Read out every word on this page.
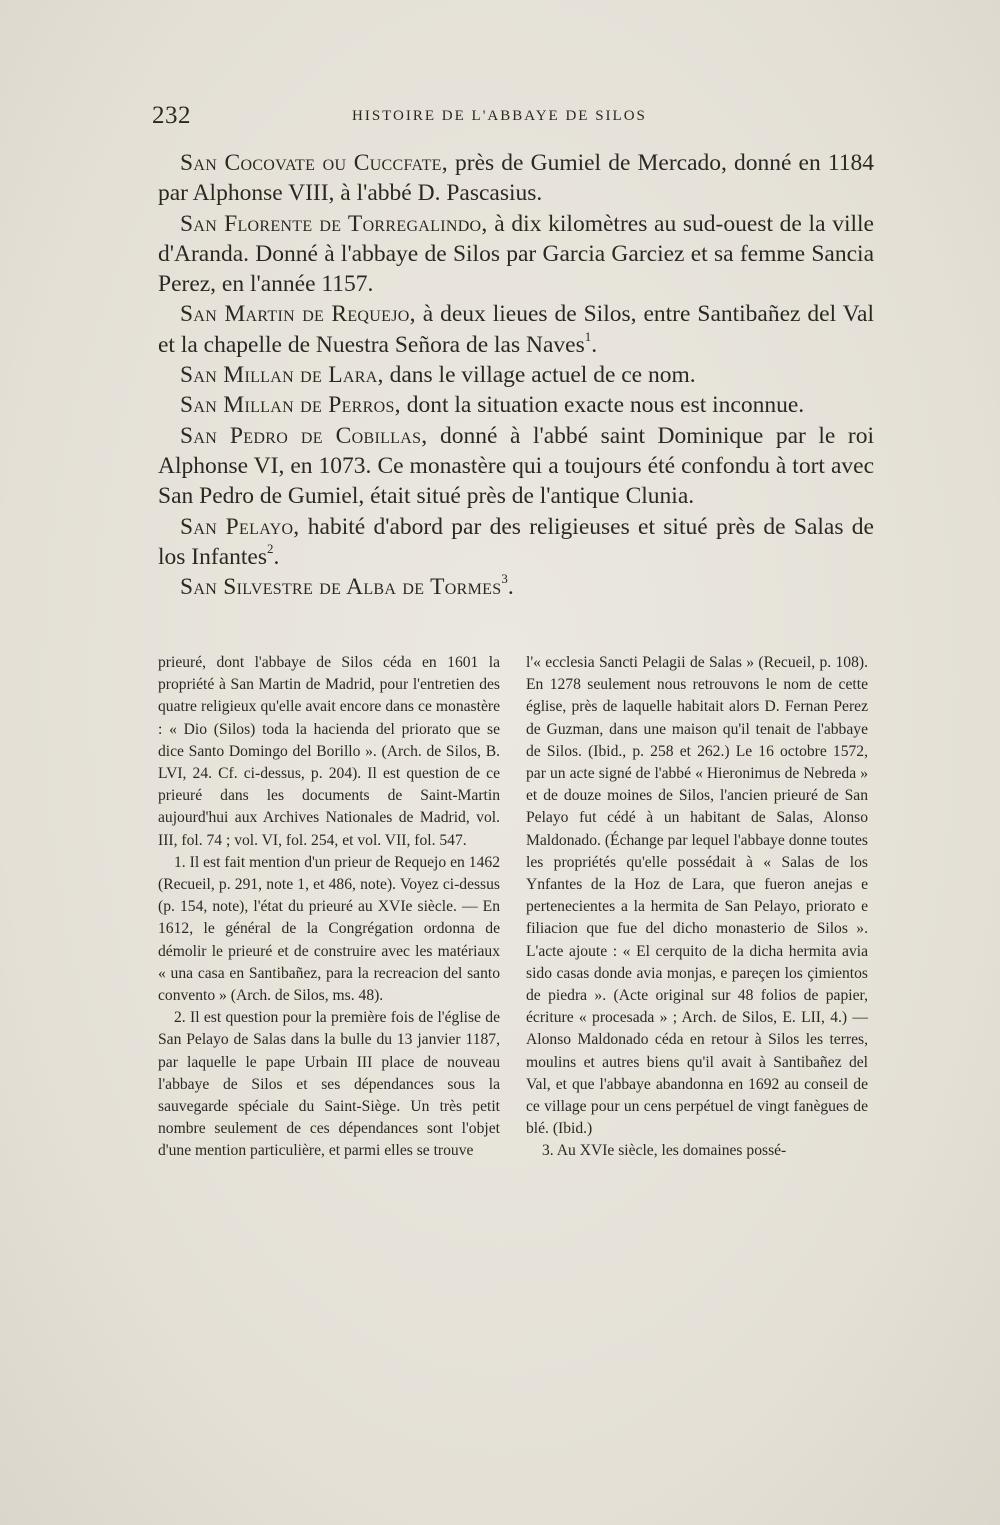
232	HISTOIRE DE L'ABBAYE DE SILOS

San Cocovate ou Cuccfate, près de Gumiel de Mercado, donné en 1184 par Alphonse VIII, à l'abbé D. Pascasius.

San Florente de Torregalindo, à dix kilomètres au sud-ouest de la ville d'Aranda. Donné à l'abbaye de Silos par Garcia Garciez et sa femme Sancia Perez, en l'année 1157.

San Martin de Requejo, à deux lieues de Silos, entre Santibañez del Val et la chapelle de Nuestra Señora de las Naves$^1$.

San Millan de Lara, dans le village actuel de ce nom.

San Millan de Perros, dont la situation exacte nous est inconnue.

San Pedro de Cobillas, donné à l'abbé saint Dominique par le roi Alphonse VI, en 1073. Ce monastère qui a toujours été confondu à tort avec San Pedro de Gumiel, était situé près de l'antique Clunia.

San Pelayo, habité d'abord par des religieuses et situé près de Salas de los Infantes$^2$.

San Silvestre de Alba de Tormes$^3$.

prieuré, dont l'abbaye de Silos céda en 1601 la propriété à San Martin de Madrid, pour l'entretien des quatre religieux qu'elle avait encore dans ce monastère : « Dio (Silos) toda la hacienda del priorato que se dice Santo Domingo del Borillo ». (Arch. de Silos, B. LVI, 24. Cf. ci-dessus, p. 204). Il est question de ce prieuré dans les documents de Saint-Martin aujourd'hui aux Archives Nationales de Madrid, vol. III, fol. 74 ; vol. VI, fol. 254, et vol. VII, fol. 547.

1. Il est fait mention d'un prieur de Requejo en 1462 (Recueil, p. 291, note 1, et 486, note). Voyez ci-dessus (p. 154, note), l'état du prieuré au XVIe siècle. — En 1612, le général de la Congrégation ordonna de démolir le prieuré et de construire avec les matériaux « una casa en Santibañez, para la recreacion del santo convento » (Arch. de Silos, ms. 48).

2. Il est question pour la première fois de l'église de San Pelayo de Salas dans la bulle du 13 janvier 1187, par laquelle le pape Urbain III place de nouveau l'abbaye de Silos et ses dépendances sous la sauvegarde spéciale du Saint-Siège. Un très petit nombre seulement de ces dépendances sont l'objet d'une mention particulière, et parmi elles se trouve

l'« ecclesia Sancti Pelagii de Salas » (Recueil, p. 108). En 1278 seulement nous retrouvons le nom de cette église, près de laquelle habitait alors D. Fernan Perez de Guzman, dans une maison qu'il tenait de l'abbaye de Silos. (Ibid., p. 258 et 262.) Le 16 octobre 1572, par un acte signé de l'abbé « Hieronimus de Nebreda » et de douze moines de Silos, l'ancien prieuré de San Pelayo fut cédé à un habitant de Salas, Alonso Maldonado. (Échange par lequel l'abbaye donne toutes les propriétés qu'elle possédait à « Salas de los Ynfantes de la Hoz de Lara, que fueron anejas e pertenecientes a la hermita de San Pelayo, priorato e filiacion que fue del dicho monasterio de Silos ». L'acte ajoute : « El cerquito de la dicha hermita avia sido casas donde avia monjas, e pareçen los çimientos de piedra ». (Acte original sur 48 folios de papier, écriture « procesada » ; Arch. de Silos, E. LII, 4.) — Alonso Maldonado céda en retour à Silos les terres, moulins et autres biens qu'il avait à Santibañez del Val, et que l'abbaye abandonna en 1692 au conseil de ce village pour un cens perpétuel de vingt fanègues de blé. (Ibid.)

3. Au XVIe siècle, les domaines possé-
